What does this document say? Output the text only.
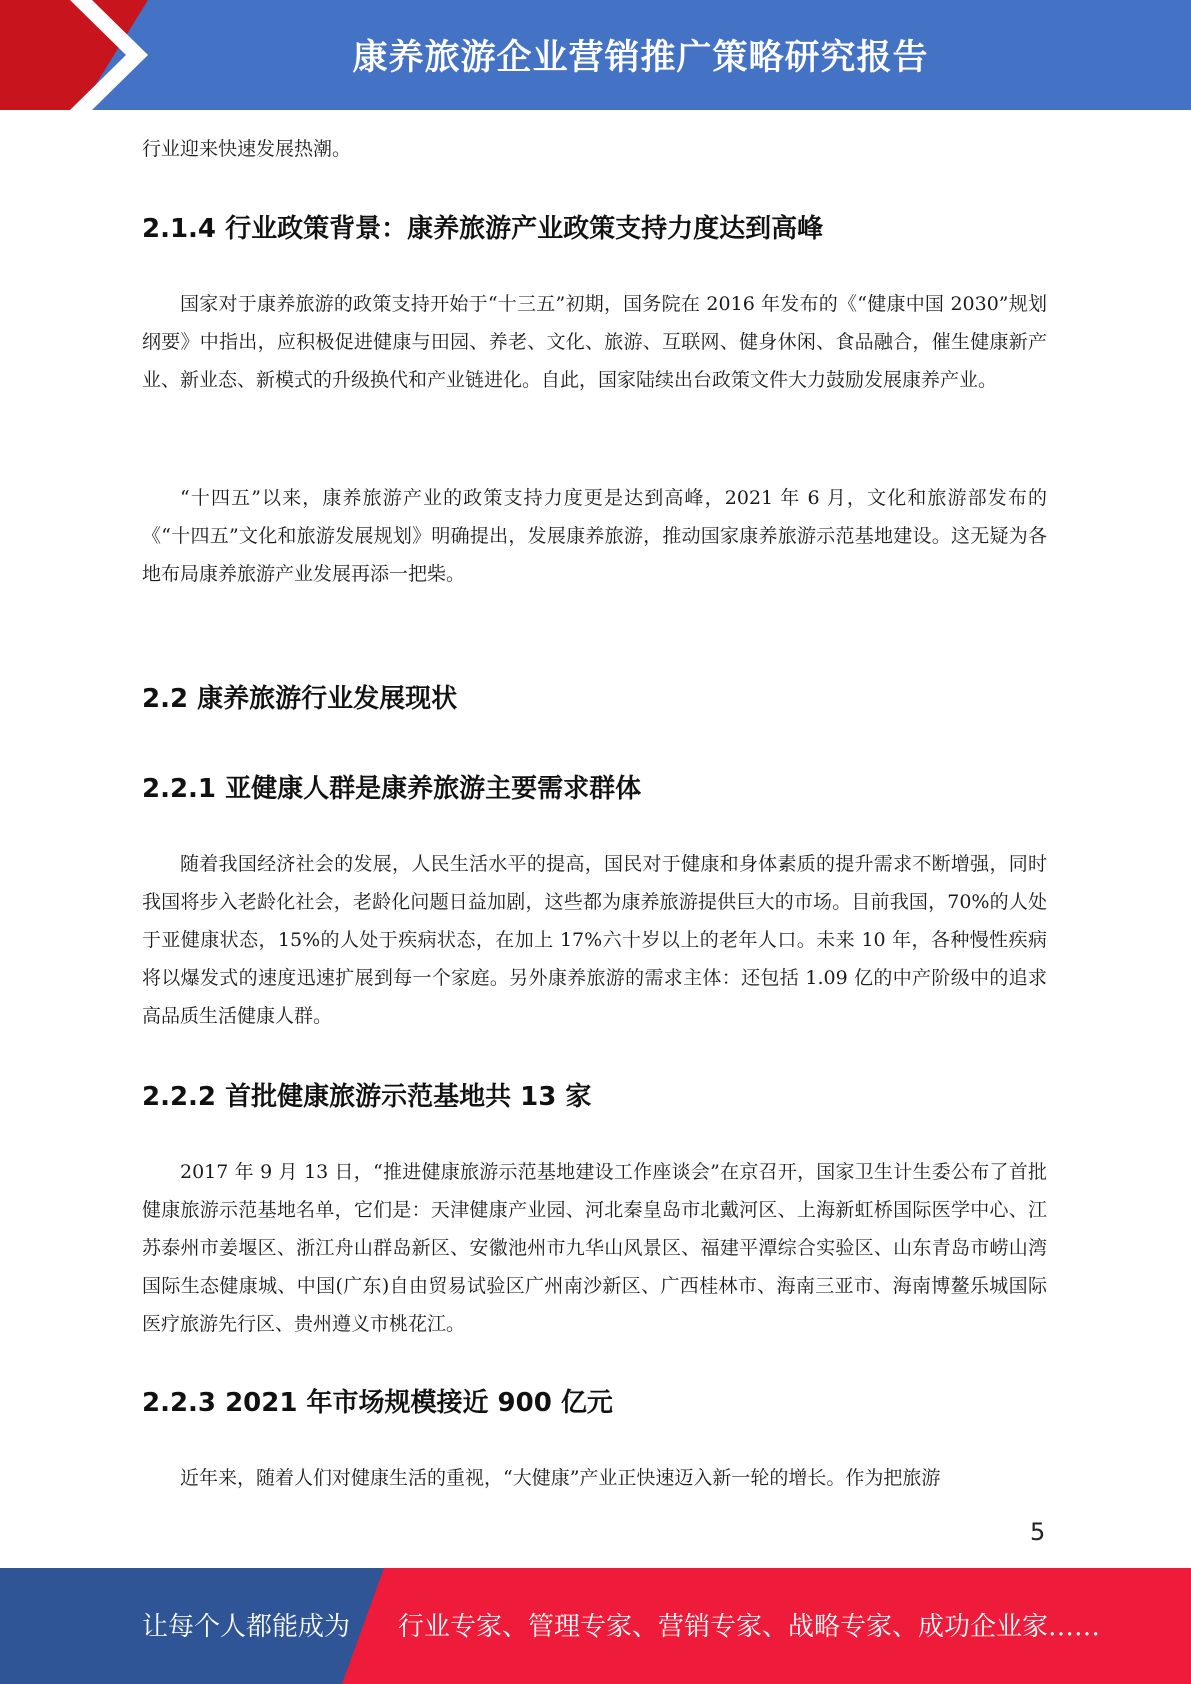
康养旅游企业营销推广策略研究报告

行业迎来快速发展热潮。

2.1.4 行业政策背景：康养旅游产业政策支持力度达到高峰

国家对于康养旅游的政策支持开始于“十三五”初期，国务院在 2016 年发布的《“健康中国 2030”规划纲要》中指出，应积极促进健康与田园、养老、文化、旅游、互联网、健身休闲、食品融合，催生健康新产业、新业态、新模式的升级换代和产业链进化。自此，国家陆续出台政策文件大力鼓励发展康养产业。

“十四五”以来，康养旅游产业的政策支持力度更是达到高峰，2021 年 6 月，文化和旅游部发布的《“十四五”文化和旅游发展规划》明确提出，发展康养旅游，推动国家康养旅游示范基地建设。这无疑为各地布局康养旅游产业发展再添一把柴。

2.2 康养旅游行业发展现状
2.2.1 亚健康人群是康养旅游主要需求群体

随着我国经济社会的发展，人民生活水平的提高，国民对于健康和身体素质的提升需求不断增强，同时我国将步入老龄化社会，老龄化问题日益加剧，这些都为康养旅游提供巨大的市场。目前我国，70%的人处于亚健康状态，15%的人处于疾病状态，在加上 17%六十岁以上的老年人口。未来 10 年，各种慢性疾病将以爆发式的速度迅速扩展到每一个家庭。另外康养旅游的需求主体：还包括 1.09 亿的中产阶级中的追求高品质生活健康人群。

2.2.2 首批健康旅游示范基地共 13 家

2017 年 9 月 13 日，“推进健康旅游示范基地建设工作座谈会”在京召开，国家卫生计生委公布了首批健康旅游示范基地名单，它们是：天津健康产业园、河北秦皇岛市北戴河区、上海新虹桥国际医学中心、江苏泰州市姜堰区、浙江舟山群岛新区、安徽池州市九华山风景区、福建平潭综合实验区、山东青岛市崂山湾国际生态健康城、中国(广东)自由贸易试验区广州南沙新区、广西桂林市、海南三亚市、海南博鳌乐城国际医疗旅游先行区、贵州遵义市桃花江。

2.2.3 2021 年市场规模接近 900 亿元

近年来，随着人们对健康生活的重视，“大健康”产业正快速迈入新一轮的增长。作为把旅游

5
让每个人都能成为 行业专家、管理专家、营销专家、战略专家、成功企业家……
